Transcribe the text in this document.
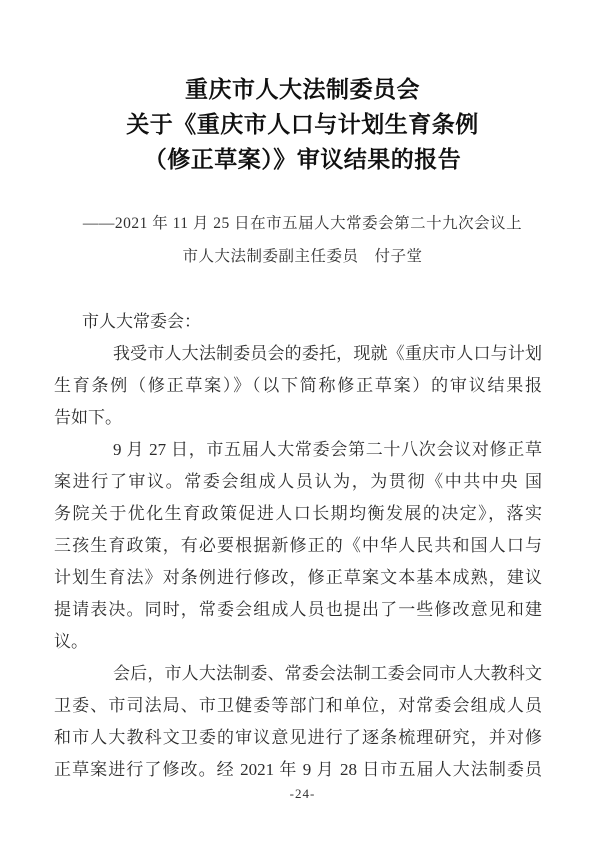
重庆市人大法制委员会
关于《重庆市人口与计划生育条例
（修正草案）》审议结果的报告
——2021 年 11 月 25 日在市五届人大常委会第二十九次会议上
市人大法制委副主任委员　付子堂
市人大常委会：
我受市人大法制委员会的委托，现就《重庆市人口与计划
生育条例（修正草案）》（以下简称修正草案）的审议结果报
告如下。
9 月 27 日，市五届人大常委会第二十八次会议对修正草
案进行了审议。常委会组成人员认为，为贯彻《中共中央 国
务院关于优化生育政策促进人口长期均衡发展的决定》，落实
三孩生育政策，有必要根据新修正的《中华人民共和国人口与
计划生育法》对条例进行修改，修正草案文本基本成熟，建议
提请表决。同时，常委会组成人员也提出了一些修改意见和建
议。
会后，市人大法制委、常委会法制工委会同市人大教科文
卫委、市司法局、市卫健委等部门和单位，对常委会组成人员
和市人大教科文卫委的审议意见进行了逐条梳理研究，并对修
正草案进行了修改。经 2021 年 9 月 28 日市五届人大法制委员
-24-
